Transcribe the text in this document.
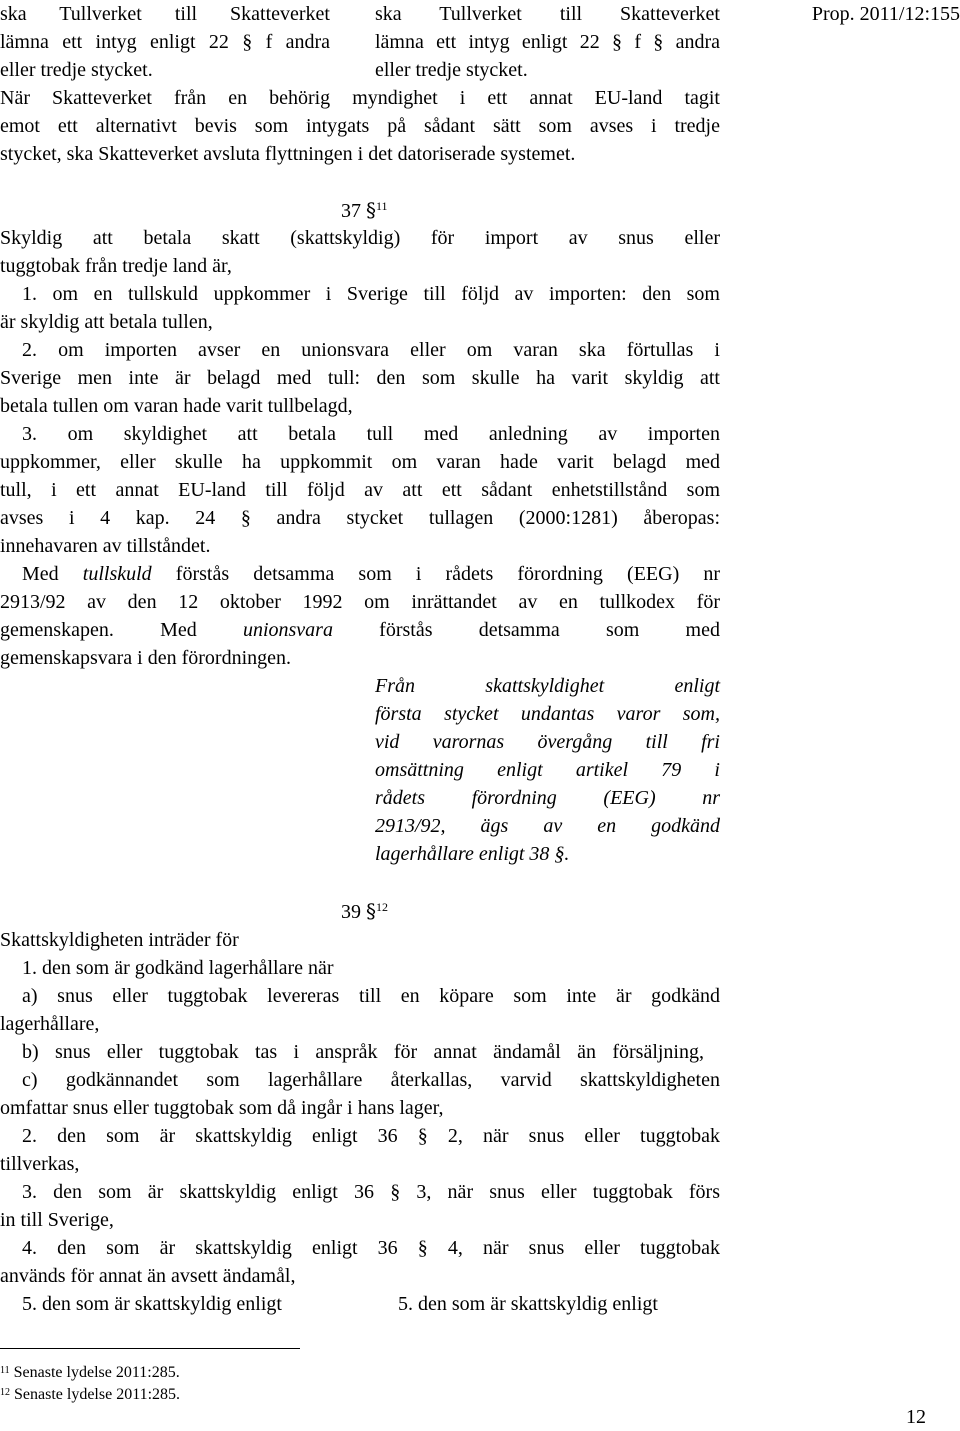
Prop. 2011/12:155
ska Tullverket till Skatteverket
lämna ett intyg enligt 22 § f andra
eller tredje stycket.
ska Tullverket till Skatteverket
lämna ett intyg enligt 22 § f § andra
eller tredje stycket.
När Skatteverket från en behörig myndighet i ett annat EU-land tagit
emot ett alternativt bevis som intygats på sådant sätt som avses i tredje
stycket, ska Skatteverket avsluta flyttningen i det datoriserade systemet.
37 §$^{11}$
Skyldig att betala skatt (skattskyldig) för import av snus eller
tuggtobak från tredje land är,
1. om en tullskuld uppkommer i Sverige till följd av importen: den som
är skyldig att betala tullen,
2. om importen avser en unionsvara eller om varan ska förtullas i
Sverige men inte är belagd med tull: den som skulle ha varit skyldig att
betala tullen om varan hade varit tullbelagd,
3. om skyldighet att betala tull med anledning av importen
uppkommer, eller skulle ha uppkommit om varan hade varit belagd med
tull, i ett annat EU-land till följd av att ett sådant enhetstillstånd som
avses i 4 kap. 24 § andra stycket tullagen (2000:1281) åberopas:
innehavaren av tillståndet.
Med tullskuld förstås detsamma som i rådets förordning (EEG) nr
2913/92 av den 12 oktober 1992 om inrättandet av en tullkodex för
gemenskapen. Med unionsvara förstås detsamma som med
gemenskapsvara i den förordningen.
Från skattskyldighet enligt
första stycket undantas varor som,
vid varornas övergång till fri
omsättning enligt artikel 79 i
rådets förordning (EEG) nr
2913/92, ägs av en godkänd
lagerhållare enligt 38 §.
39 §$^{12}$
Skattskyldigheten inträder för
1. den som är godkänd lagerhållare när
a) snus eller tuggtobak levereras till en köpare som inte är godkänd
lagerhållare,
b) snus eller tuggtobak tas i anspråk för annat ändamål än försäljning,
c) godkännandet som lagerhållare återkallas, varvid skattskyldigheten
omfattar snus eller tuggtobak som då ingår i hans lager,
2. den som är skattskyldig enligt 36 § 2, när snus eller tuggtobak
tillverkas,
3. den som är skattskyldig enligt 36 § 3, när snus eller tuggtobak förs
in till Sverige,
4. den som är skattskyldig enligt 36 § 4, när snus eller tuggtobak
används för annat än avsett ändamål,
5. den som är skattskyldig enligt	5. den som är skattskyldig enligt
$^{11}$ Senaste lydelse 2011:285.
$^{12}$ Senaste lydelse 2011:285.
12
